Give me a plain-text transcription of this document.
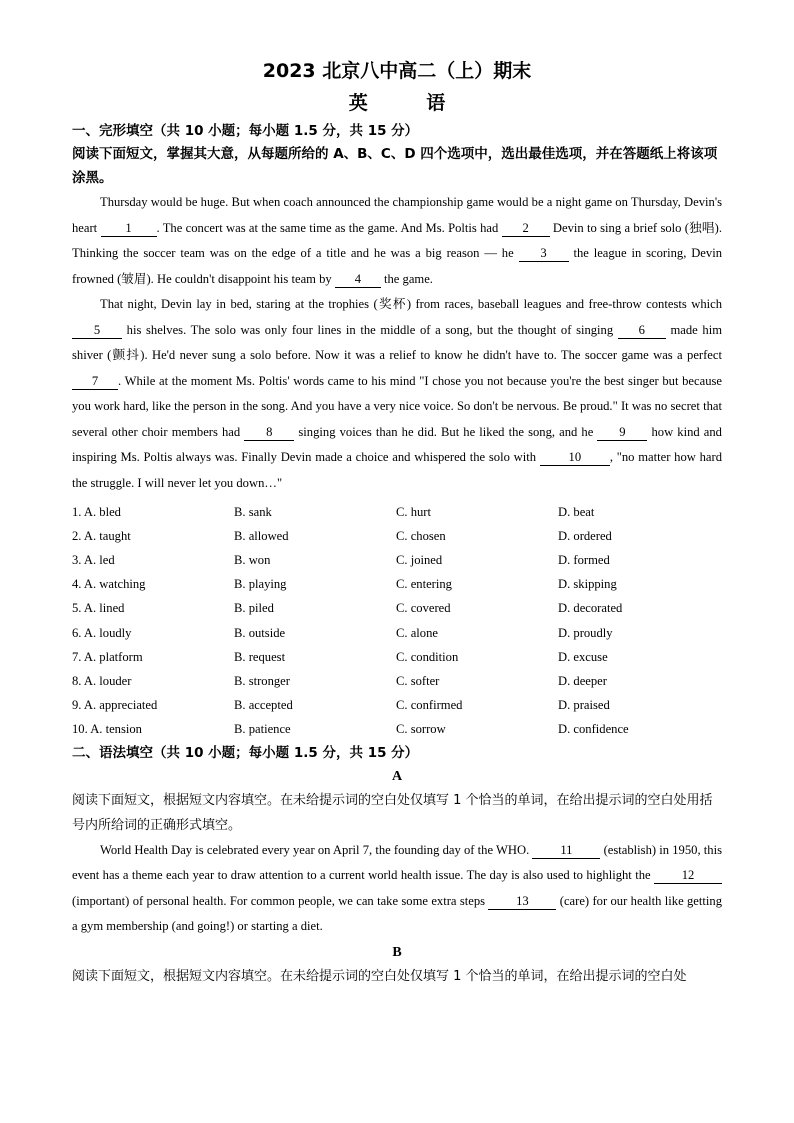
2023 北京八中高二（上）期末
英 语

一、完形填空（共 10 小题；每小题 1.5 分，共 15 分）

阅读下面短文，掌握其大意，从每题所给的 A、B、C、D 四个选项中，选出最佳选项，并在答题纸上将该项涂黑。

Thursday would be huge. But when coach announced the championship game would be a night game on Thursday, Devin's heart 1 . The concert was at the same time as the game. And Ms. Poltis had 2 Devin to sing a brief solo (独唱). Thinking the soccer team was on the edge of a title and he was a big reason — he 3 the league in scoring, Devin frowned (皱眉). He couldn't disappoint his team by 4 the game.

That night, Devin lay in bed, staring at the trophies (奖杯) from races, baseball leagues and free-throw contests which 5 his shelves. The solo was only four lines in the middle of a song, but the thought of singing 6 made him shiver (颤抖). He'd never sung a solo before. Now it was a relief to know he didn't have to. The soccer game was a perfect 7 . While at the moment Ms. Poltis' words came to his mind "I chose you not because you're the best singer but because you work hard, like the person in the song. And you have a very nice voice. So don't be nervous. Be proud." It was no secret that several other choir members had 8 singing voices than he did. But he liked the song, and he 9 how kind and inspiring Ms. Poltis always was. Finally Devin made a choice and whispered the solo with 10 , "no matter how hard the struggle. I will never let you down…"

1. A. bled	B. sank	C. hurt	D. beat
2. A. taught	B. allowed	C. chosen	D. ordered
3. A. led	B. won	C. joined	D. formed
4. A. watching	B. playing	C. entering	D. skipping
5. A. lined	B. piled	C. covered	D. decorated
6. A. loudly	B. outside	C. alone	D. proudly
7. A. platform	B. request	C. condition	D. excuse
8. A. louder	B. stronger	C. softer	D. deeper
9. A. appreciated	B. accepted	C. confirmed	D. praised
10. A. tension	B. patience	C. sorrow	D. confidence

二、语法填空（共 10 小题；每小题 1.5 分，共 15 分）

A

阅读下面短文，根据短文内容填空。在未给提示词的空白处仅填写 1 个恰当的单词，在给出提示词的空白处用括号内所给词的正确形式填空。

World Health Day is celebrated every year on April 7, the founding day of the WHO. 11 (establish) in 1950, this event has a theme each year to draw attention to a current world health issue. The day is also used to highlight the 12 (important) of personal health. For common people, we can take some extra steps 13 (care) for our health like getting a gym membership (and going!) or starting a diet.

B

阅读下面短文，根据短文内容填空。在未给提示词的空白处仅填写 1 个恰当的单词，在给出提示词的空白处
